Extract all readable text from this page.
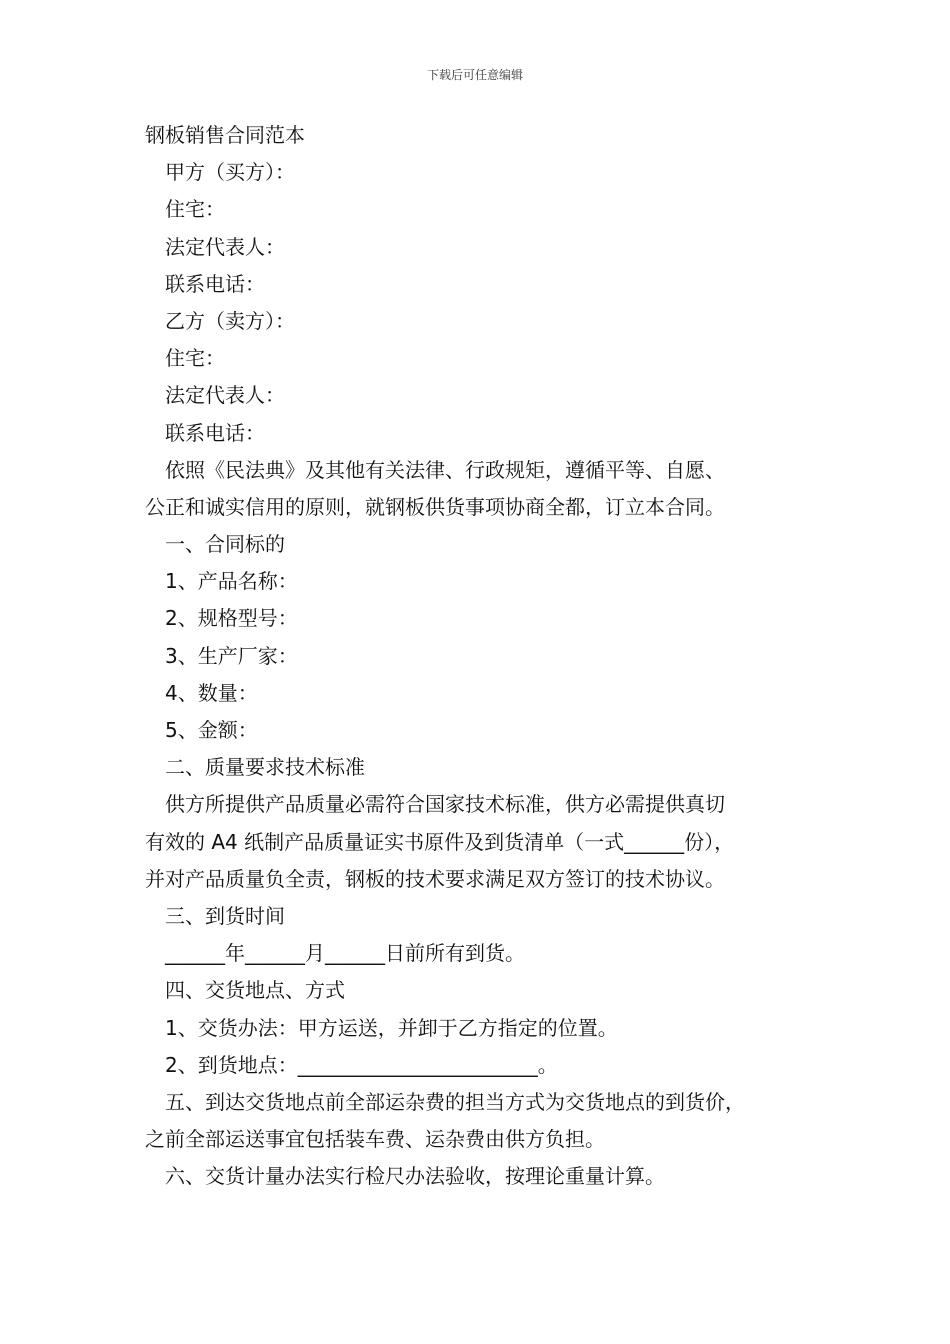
下载后可任意编辑
钢板销售合同范本
甲方（买方）：
住宅：
法定代表人：
联系电话：
乙方（卖方）：
住宅：
法定代表人：
联系电话：
依照《民法典》及其他有关法律、行政规矩，遵循平等、自愿、
公正和诚实信用的原则，就钢板供货事项协商全都，订立本合同。
一、合同标的
1、产品名称：
2、规格型号：
3、生产厂家：
4、数量：
5、金额：
二、质量要求技术标准
供方所提供产品质量必需符合国家技术标准，供方必需提供真切
有效的 A4 纸制产品质量证实书原件及到货清单（一式______份），
并对产品质量负全责，钢板的技术要求满足双方签订的技术协议。
三、到货时间
______年______月______日前所有到货。
四、交货地点、方式
1、交货办法：甲方运送，并卸于乙方指定的位置。
2、到货地点：________________________。
五、到达交货地点前全部运杂费的担当方式为交货地点的到货价，
之前全部运送事宜包括装车费、运杂费由供方负担。
六、交货计量办法实行检尺办法验收，按理论重量计算。
